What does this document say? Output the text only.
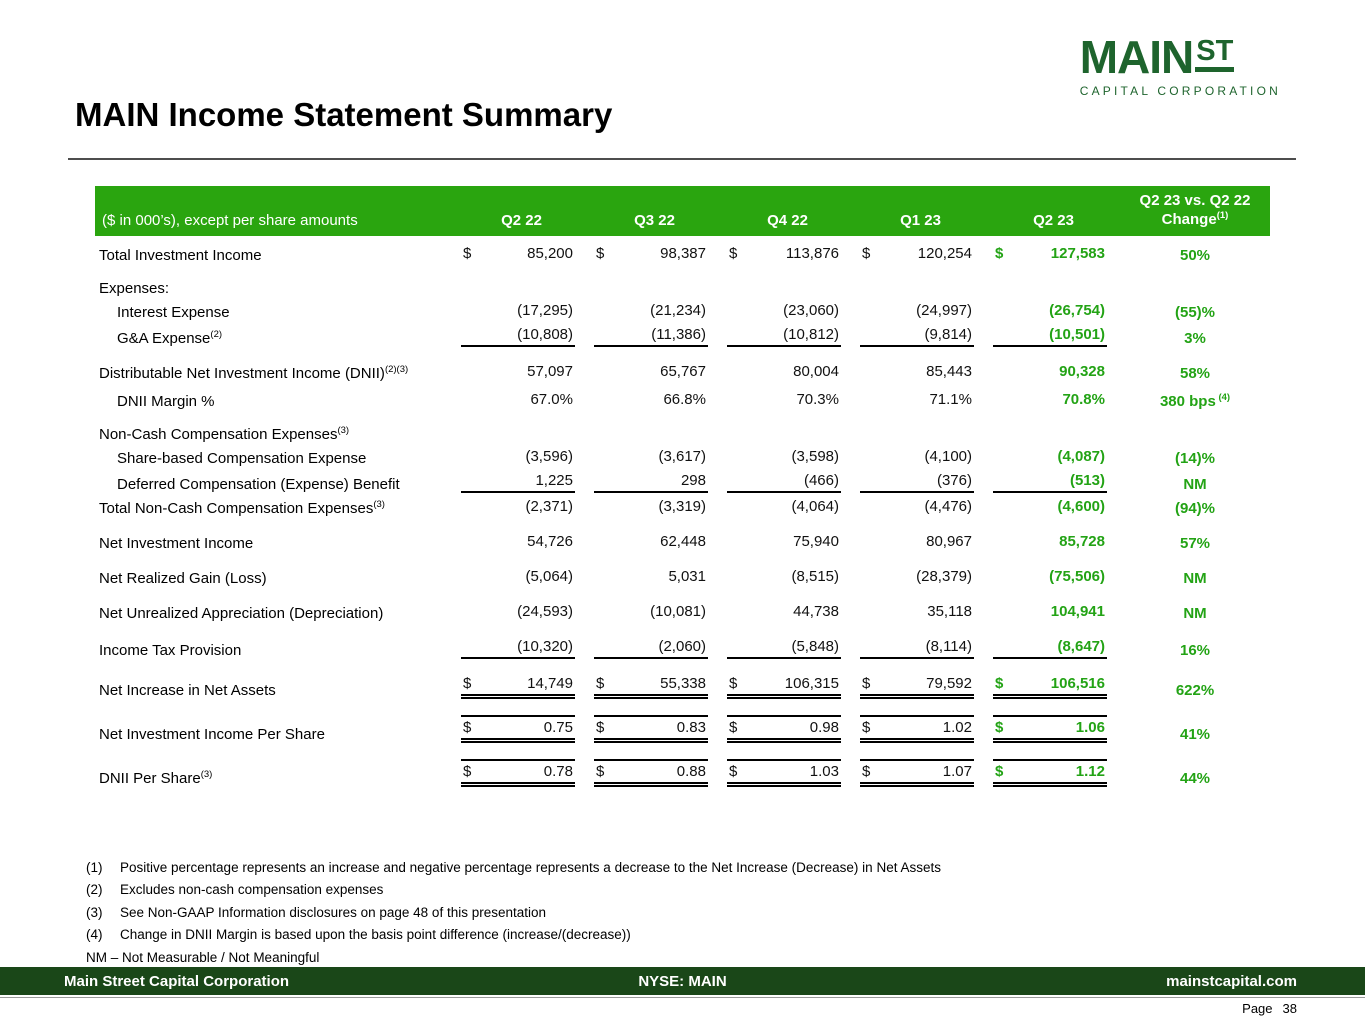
MAIN ST
CAPITAL CORPORATION
MAIN Income Statement Summary
($ in 000’s), except per share amounts	Q2 22	Q3 22	Q4 22	Q1 23	Q2 23	Q2 23 vs. Q2 22
Change$^{(1)}$

Total Investment Income	$ 85,200	$ 98,387	$ 113,876	$ 120,254	$ 127,583	50%
Expenses:						
Interest Expense	(17,295)	(21,234)	(23,060)	(24,997)	(26,754)	(55)%
G&A Expense$^{(2)}$	(10,808)	(11,386)	(10,812)	(9,814)	(10,501)	3%
Distributable Net Investment Income (DNII)$^{(2)(3)}$	57,097	65,767	80,004	85,443	90,328	58%
DNII Margin %	67.0%	66.8%	70.3%	71.1%	70.8%	380 bps $^{(4)}$
Non-Cash Compensation Expenses$^{(3)}$
Share-based Compensation Expense	(3,596)	(3,617)	(3,598)	(4,100)	(4,087)	(14)%
Deferred Compensation (Expense) Benefit	1,225	298	(466)	(376)	(513)	NM
Total Non-Cash Compensation Expenses$^{(3)}$	(2,371)	(3,319)	(4,064)	(4,476)	(4,600)	(94)%
Net Investment Income	54,726	62,448	75,940	80,967	85,728	57%
Net Realized Gain (Loss)	(5,064)	5,031	(8,515)	(28,379)	(75,506)	NM
Net Unrealized Appreciation (Depreciation)	(24,593)	(10,081)	44,738	35,118	104,941	NM
Income Tax Provision	(10,320)	(2,060)	(5,848)	(8,114)	(8,647)	16%
Net Increase in Net Assets	$ 14,749	$ 55,338	$ 106,315	$ 79,592	$ 106,516	622%
Net Investment Income Per Share	$ 0.75	$ 0.83	$ 0.98	$ 1.02	$ 1.06	41%
DNII Per Share$^{(3)}$	$ 0.78	$ 0.88	$ 1.03	$ 1.07	$ 1.12	44%
(1)	Positive percentage represents an increase and negative percentage represents a decrease to the Net Increase (Decrease) in Net Assets
(2)	Excludes non-cash compensation expenses
(3)	See Non-GAAP Information disclosures on page 48 of this presentation
(4)	Change in DNII Margin is based upon the basis point difference (increase/(decrease))
NM – Not Measurable / Not Meaningful
Main Street Capital Corporation	NYSE: MAIN	mainstcapital.com
Page 38
